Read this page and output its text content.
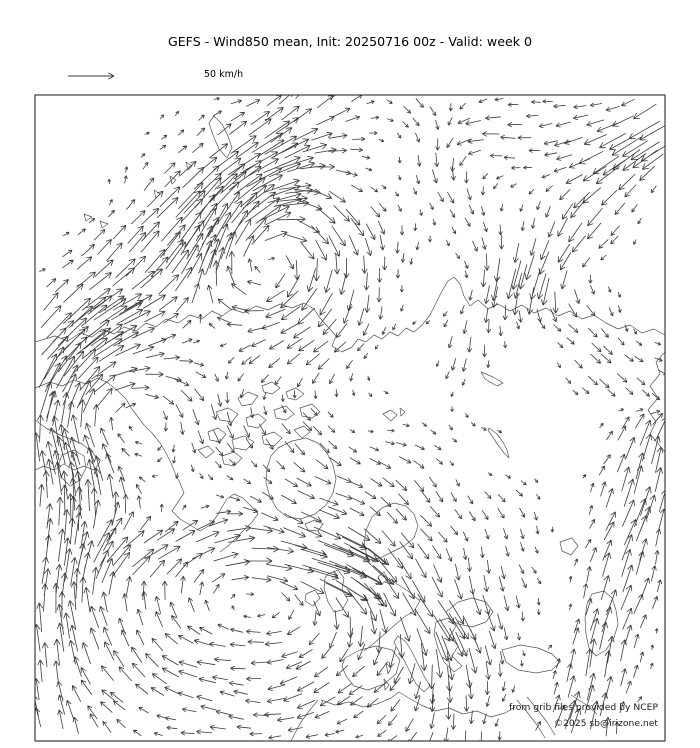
GEFS - Wind850 mean, Init: 20250716 00z - Valid: week 0
50 km/h
from grib files provided by NCEP
©2025 sb@irizone.net
